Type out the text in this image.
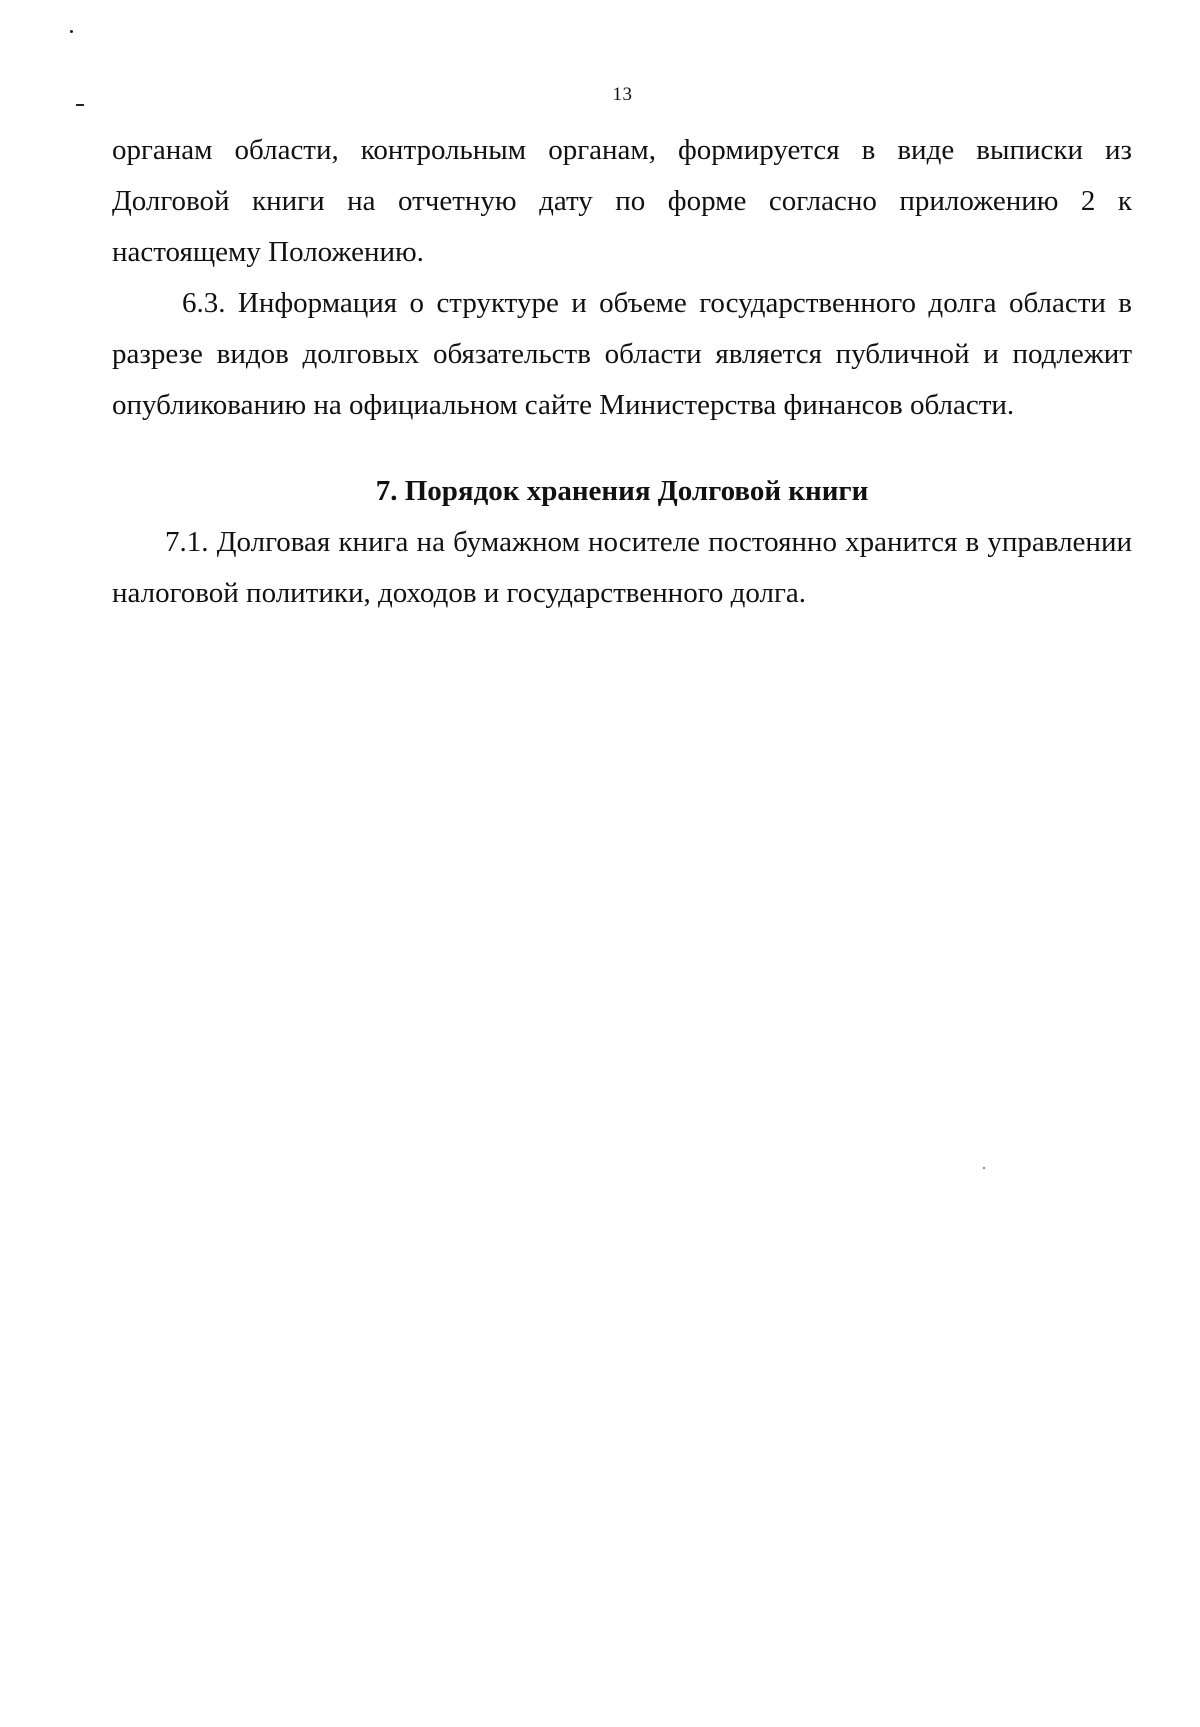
13

органам области, контрольным органам, формируется в виде выписки из Долговой книги на отчетную дату по форме согласно приложению 2 к настоящему Положению.

6.3. Информация о структуре и объеме государственного долга области в разрезе видов долговых обязательств области является публичной и подлежит опубликованию на официальном сайте Министерства финансов области.

7. Порядок хранения Долговой книги

7.1. Долговая книга на бумажном носителе постоянно хранится в управлении налоговой политики, доходов и государственного долга.
